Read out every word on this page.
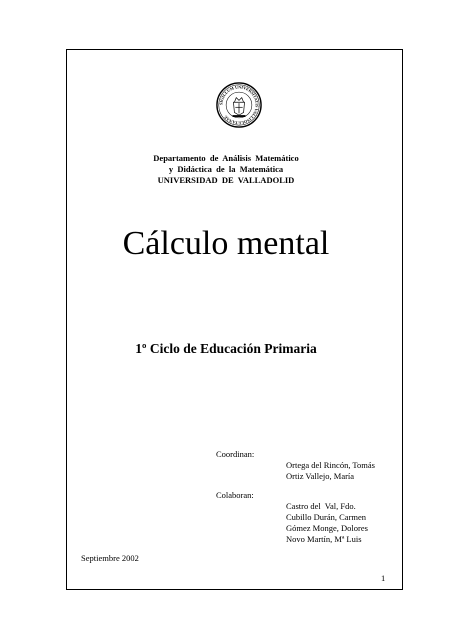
SIGILLUM UNIVERSITATIS VALLISOLETANAE
Departamento  de  Análisis  Matemático
y  Didáctica  de  la  Matemática
UNIVERSIDAD  DE  VALLADOLID
Cálculo mental
1º Ciclo de Educación Primaria
Coordinan:
Ortega del Rincón, Tomás
Ortiz Vallejo, María
Colaboran:
Castro del  Val, Fdo.
Cubillo Durán, Carmen
Gómez Monge, Dolores
Novo Martín, Mª Luis
Septiembre 2002
1
